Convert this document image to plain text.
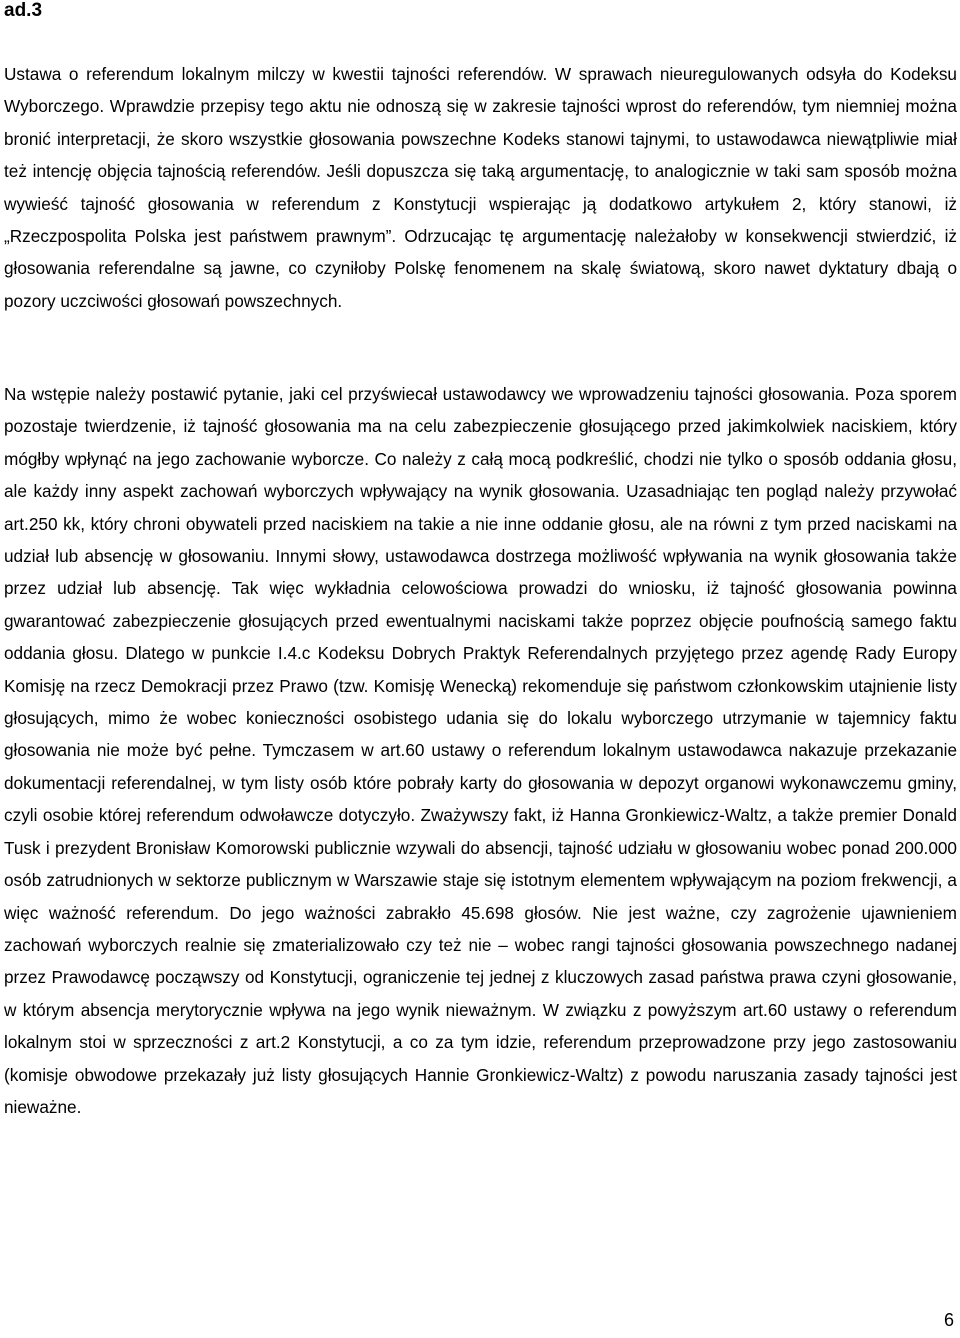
ad.3

Ustawa o referendum lokalnym milczy w kwestii tajności referendów. W sprawach nieuregulowanych odsyła do Kodeksu Wyborczego. Wprawdzie przepisy tego aktu nie odnoszą się w zakresie tajności wprost do referendów, tym niemniej można bronić interpretacji, że skoro wszystkie głosowania powszechne Kodeks stanowi tajnymi, to ustawodawca niewątpliwie miał też intencję objęcia tajnością referendów. Jeśli dopuszcza się taką argumentację, to analogicznie w taki sam sposób można wywieść tajność głosowania w referendum z Konstytucji wspierając ją dodatkowo artykułem 2, który stanowi, iż „Rzeczpospolita Polska jest państwem prawnym”. Odrzucając tę argumentację należałoby w konsekwencji stwierdzić, iż głosowania referendalne są jawne, co czyniłoby Polskę fenomenem na skalę światową, skoro nawet dyktatury dbają o pozory uczciwości głosowań powszechnych.

Na wstępie należy postawić pytanie, jaki cel przyświecał ustawodawcy we wprowadzeniu tajności głosowania. Poza sporem pozostaje twierdzenie, iż tajność głosowania ma na celu zabezpieczenie głosującego przed jakimkolwiek naciskiem, który mógłby wpłynąć na jego zachowanie wyborcze. Co należy z całą mocą podkreślić, chodzi nie tylko o sposób oddania głosu, ale każdy inny aspekt zachowań wyborczych wpływający na wynik głosowania. Uzasadniając ten pogląd należy przywołać art.250 kk, który chroni obywateli przed naciskiem na takie a nie inne oddanie głosu, ale na równi z tym przed naciskami na udział lub absencję w głosowaniu. Innymi słowy, ustawodawca dostrzega możliwość wpływania na wynik głosowania także przez udział lub absencję. Tak więc wykładnia celowościowa prowadzi do wniosku, iż tajność głosowania powinna gwarantować zabezpieczenie głosujących przed ewentualnymi naciskami także poprzez objęcie poufnością samego faktu oddania głosu. Dlatego w punkcie I.4.c Kodeksu Dobrych Praktyk Referendalnych przyjętego przez agendę Rady Europy Komisję na rzecz Demokracji przez Prawo (tzw. Komisję Wenecką) rekomenduje się państwom członkowskim utajnienie listy głosujących, mimo że wobec konieczności osobistego udania się do lokalu wyborczego utrzymanie w tajemnicy faktu głosowania nie może być pełne. Tymczasem w art.60 ustawy o referendum lokalnym ustawodawca nakazuje przekazanie dokumentacji referendalnej, w tym listy osób które pobrały karty do głosowania w depozyt organowi wykonawczemu gminy, czyli osobie której referendum odwoławcze dotyczyło. Zważywszy fakt, iż Hanna Gronkiewicz-Waltz, a także premier Donald Tusk i prezydent Bronisław Komorowski publicznie wzywali do absencji, tajność udziału w głosowaniu wobec ponad 200.000 osób zatrudnionych w sektorze publicznym w Warszawie staje się istotnym elementem wpływającym na poziom frekwencji, a więc ważność referendum. Do jego ważności zabrakło 45.698 głosów. Nie jest ważne, czy zagrożenie ujawnieniem zachowań wyborczych realnie się zmaterializowało czy też nie – wobec rangi tajności głosowania powszechnego nadanej przez Prawodawcę począwszy od Konstytucji, ograniczenie tej jednej z kluczowych zasad państwa prawa czyni głosowanie, w którym absencja merytorycznie wpływa na jego wynik nieważnym. W związku z powyższym art.60 ustawy o referendum lokalnym stoi w sprzeczności z art.2 Konstytucji, a co za tym idzie, referendum przeprowadzone przy jego zastosowaniu (komisje obwodowe przekazały już listy głosujących Hannie Gronkiewicz-Waltz) z powodu naruszania zasady tajności jest nieważne.

6
